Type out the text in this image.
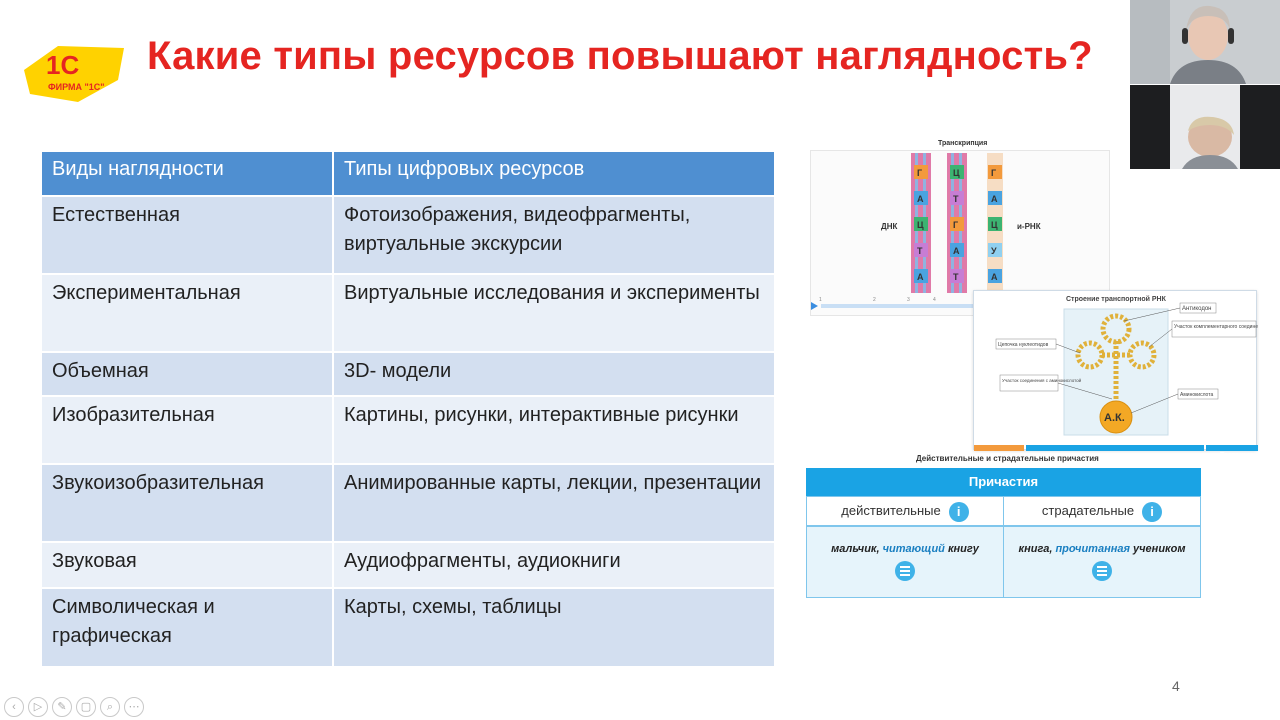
1С
ФИРМА "1С"
Какие типы ресурсов повышают наглядность?
Виды наглядности	Типы цифровых ресурсов
Естественная	Фотоизображения, видеофрагменты, виртуальные экскурсии
Экспериментальная	Виртуальные исследования и эксперименты
Объемная	3D- модели
Изобразительная	Картины, рисунки, интерактивные рисунки
Звукоизобразительная	Анимированные карты, лекции, презентации
Звуковая	Аудиофрагменты, аудиокниги
Символическая и графическая	Карты, схемы, таблицы
Г
А
Ц
Т
А
Ц
Т
Г
А
Т
Г
А
Ц
У
А
ДНК	и-РНК
1	2	3	4
Транскрипция
А.К.
Строение транспортной РНК
Антикодон
Участок комплементарного соединения
Цепочка нуклеотидов
Участок соединения с аминокислотой
Аминокислота
Тестовые
Действительные и страдательные причастия
Причастия
действительные i	страдательные i
мальчик, читающий книгу	книга, прочитанная учеником
4
‹	▷	✎	▢	⌕	⋯
